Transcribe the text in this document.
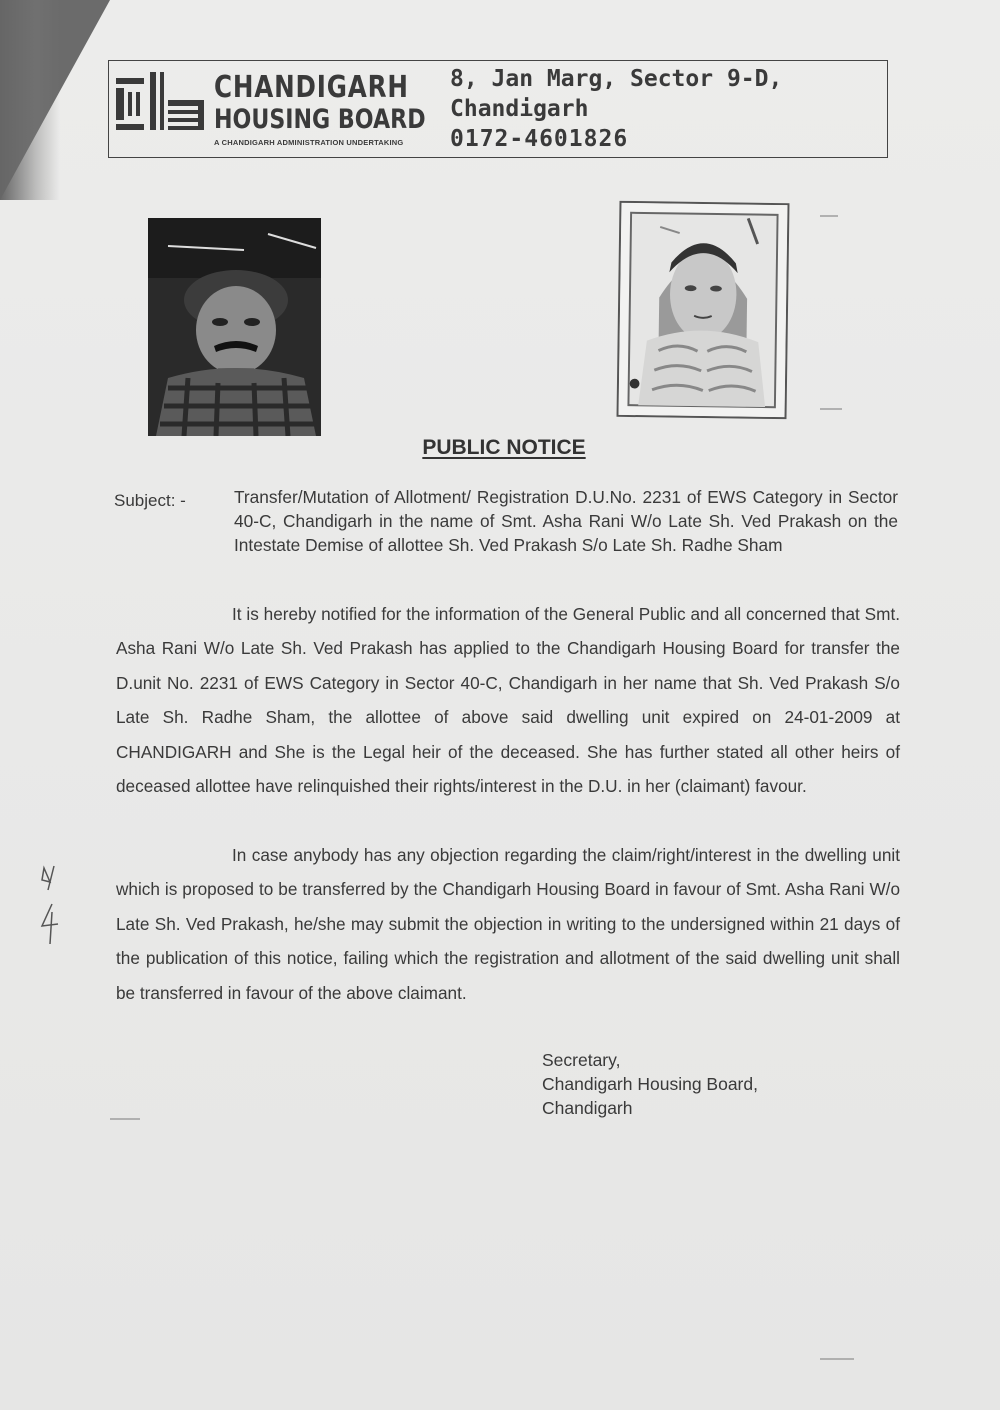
CHANDIGARH
HOUSING BOARD
A CHANDIGARH ADMINISTRATION UNDERTAKING
8, Jan Marg, Sector 9-D,
Chandigarh
0172-4601826
PUBLIC NOTICE
Subject: -	Transfer/Mutation of Allotment/ Registration D.U.No. 2231 of EWS Category in Sector 40-C, Chandigarh in the name of Smt. Asha Rani W/o Late Sh. Ved Prakash on the Intestate Demise of allottee Sh. Ved Prakash S/o Late Sh. Radhe Sham
It is hereby notified for the information of the General Public and all concerned that Smt. Asha Rani W/o Late Sh. Ved Prakash has applied to the Chandigarh Housing Board for transfer the D.unit No. 2231 of EWS Category in Sector 40-C, Chandigarh in her name that Sh. Ved Prakash S/o Late Sh. Radhe Sham, the allottee of above said dwelling unit expired on 24-01-2009 at CHANDIGARH and She is the Legal heir of the deceased. She has further stated all other heirs of deceased allottee have relinquished their rights/interest in the D.U. in her (claimant) favour.
In case anybody has any objection regarding the claim/right/interest in the dwelling unit which is proposed to be transferred by the Chandigarh Housing Board in favour of Smt. Asha Rani W/o Late Sh. Ved Prakash, he/she may submit the objection in writing to the undersigned within 21 days of the publication of this notice, failing which the registration and allotment of the said dwelling unit shall be transferred in favour of the above claimant.
Secretary,
Chandigarh Housing Board,
Chandigarh
